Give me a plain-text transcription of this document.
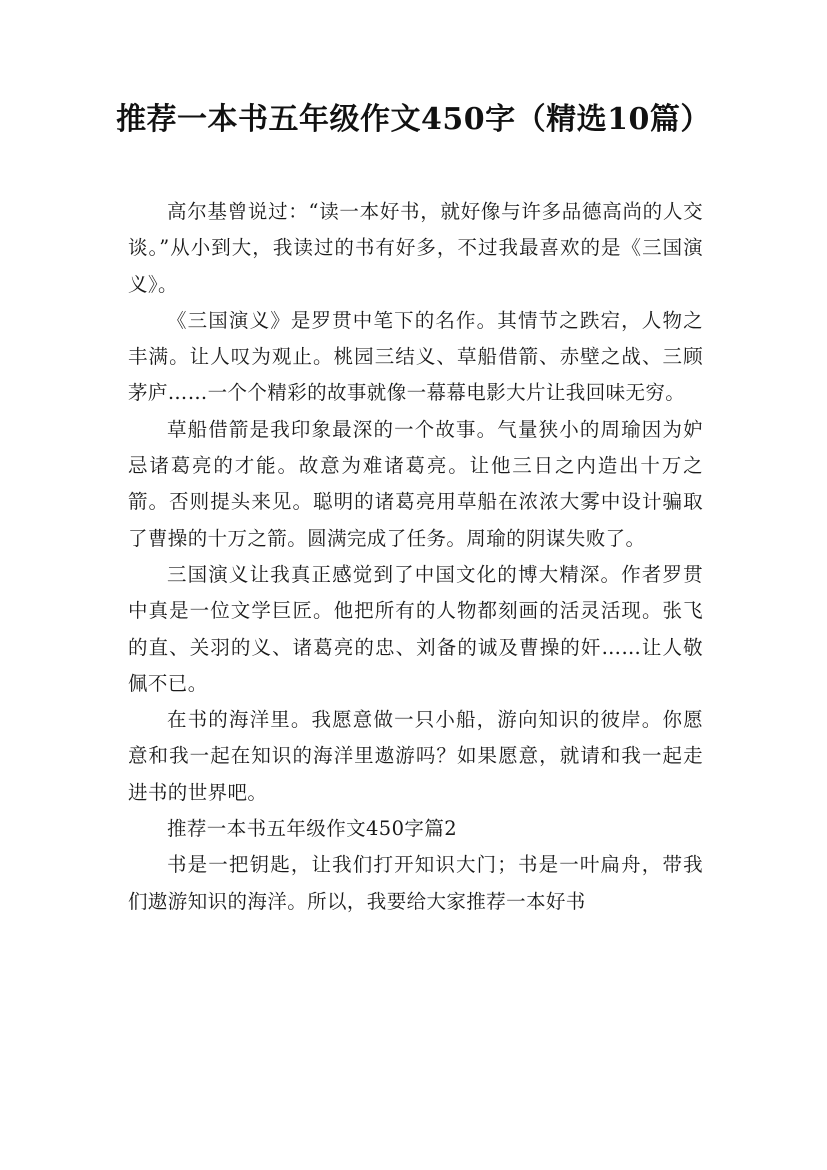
推荐一本书五年级作文450字（精选10篇）

高尔基曾说过：“读一本好书，就好像与许多品德高尚的人交谈。”从小到大，我读过的书有好多，不过我最喜欢的是《三国演义》。

《三国演义》是罗贯中笔下的名作。其情节之跌宕，人物之丰满。让人叹为观止。桃园三结义、草船借箭、赤壁之战、三顾茅庐……一个个精彩的故事就像一幕幕电影大片让我回味无穷。

草船借箭是我印象最深的一个故事。气量狭小的周瑜因为妒忌诸葛亮的才能。故意为难诸葛亮。让他三日之内造出十万之箭。否则提头来见。聪明的诸葛亮用草船在浓浓大雾中设计骗取了曹操的十万之箭。圆满完成了任务。周瑜的阴谋失败了。

三国演义让我真正感觉到了中国文化的博大精深。作者罗贯中真是一位文学巨匠。他把所有的人物都刻画的活灵活现。张飞的直、关羽的义、诸葛亮的忠、刘备的诚及曹操的奸……让人敬佩不已。

在书的海洋里。我愿意做一只小船，游向知识的彼岸。你愿意和我一起在知识的海洋里遨游吗？如果愿意，就请和我一起走进书的世界吧。

推荐一本书五年级作文450字篇2

书是一把钥匙，让我们打开知识大门；书是一叶扁舟，带我们遨游知识的海洋。所以，我要给大家推荐一本好书
